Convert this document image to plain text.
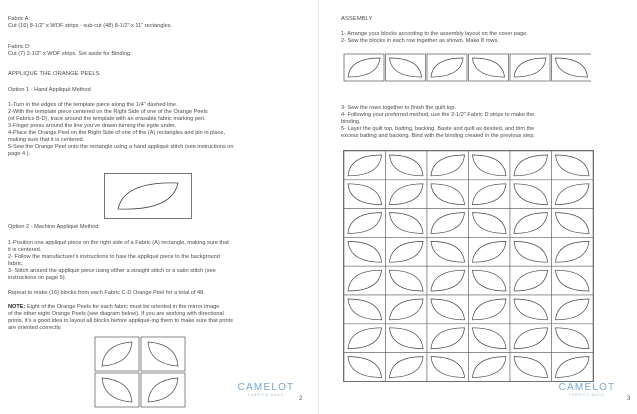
Fabric A:
Cut (16) 8-1/2" x WOF strips - sub-cut (48) 8-1/2" x 11" rectangles.
Fabric D:
Cut (7) 2-1/2" x WOF strips. Set aside for Binding.
APPLIQUÉ THE ORANGE PEELS
Option 1 - Hand Appliqué Method
1-Turn in the edges of the template piece along the 1/4" dashed line.
2-With the template piece centered on the Right Side of one of the Orange Peels
(of Fabrics B-D), trace around the template with an erasable fabric marking pen.
3-Finger press around the line you've drawn turning the egde under.
4-Place the Orange Peel on the Right Side of one of the (A) rectangles and pin in place,
making sure that it is centered.
5-Sew the Orange Peel onto the rectangle using a hand appliqué stitch (see instructions on
page 4 ).
Option 2 - Machine Appliqué Method
1-Position one appliqué piece on the right side of a Fabric (A) rectangle, making sure that
it is centered.
2- Follow the manufacturer's instructions to fuse the appliqué piece to the background
fabric.
3- Stitch around the appliqué piece using either a straight stitch or a satin stitch (see
instructions on page 5).
Repeat to make (16) blocks from each Fabric C-D Orange Peel for a total of 48.
NOTE: Eight of the Orange Peels for each fabric must be oriented in the mirror image
of the other eight Orange Peels (see diagram below). If you are working with directional
prints, it's a good idea to layout all blocks before appliqué-ing them to make sure that prints
are oriented correctly.
CAMELOT
FABRICS MADE
2
ASSEMBLY
1- Arrange your blocks according to the assembly layout on the cover page.
2- Sew the blocks in each row together as shown. Make 8 rows.
3- Sew the rows together to finish the quilt top.
4- Following your preferred method, use the 2-1/2" Fabric D strips to make the
binding.
5- Layer the quilt top, batting, backing. Baste and quilt as desired, and trim the
excess batting and backing. Bind with the binding created in the previous step.
CAMELOT
FABRICS MADE
3
